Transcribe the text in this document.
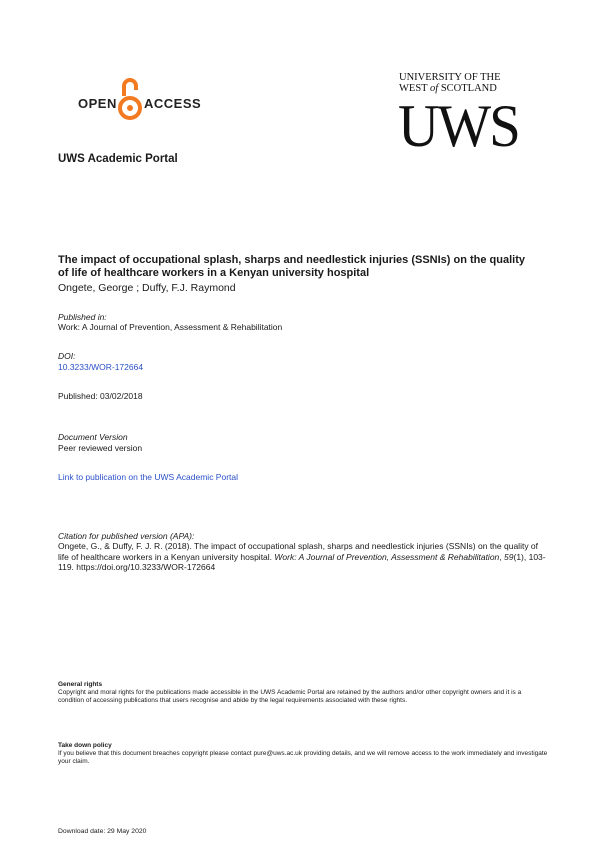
OPEN ACCESS
UNIVERSITY OF THE
WEST of SCOTLAND
UWS
UWS Academic Portal
The impact of occupational splash, sharps and needlestick injuries (SSNIs) on the quality of life of healthcare workers in a Kenyan university hospital
Ongete, George ; Duffy, F.J. Raymond
Published in:
Work: A Journal of Prevention, Assessment & Rehabilitation
DOI:
10.3233/WOR-172664
Published: 03/02/2018
Document Version
Peer reviewed version
Link to publication on the UWS Academic Portal
Citation for published version (APA):
Ongete, G., & Duffy, F. J. R. (2018). The impact of occupational splash, sharps and needlestick injuries (SSNIs) on the quality of life of healthcare workers in a Kenyan university hospital. Work: A Journal of Prevention, Assessment & Rehabilitation, 59(1), 103-119. https://doi.org/10.3233/WOR-172664
General rights
Copyright and moral rights for the publications made accessible in the UWS Academic Portal are retained by the authors and/or other copyright owners and it is a condition of accessing publications that users recognise and abide by the legal requirements associated with these rights.
Take down policy
If you believe that this document breaches copyright please contact pure@uws.ac.uk providing details, and we will remove access to the work immediately and investigate your claim.
Download date: 29 May 2020
